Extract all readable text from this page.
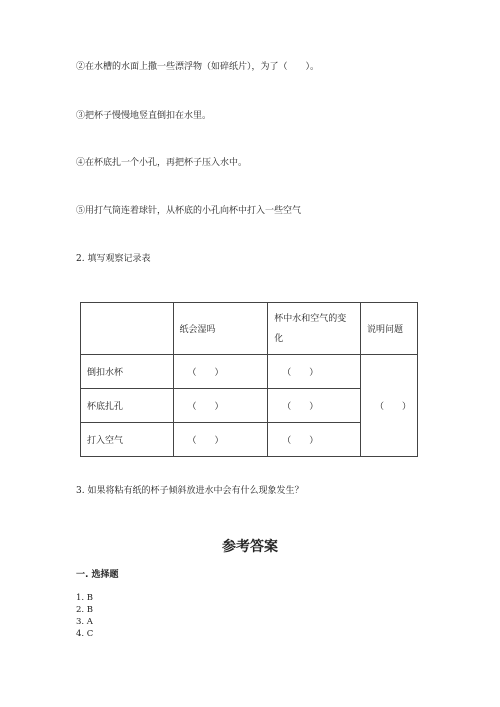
②在水槽的水面上撒一些漂浮物（如碎纸片），为了（　　）。
③把杯子慢慢地竖直倒扣在水里。
④在杯底扎一个小孔，再把杯子压入水中。
⑤用打气筒连着球针，从杯底的小孔向杯中打入一些空气
2. 填写观察记录表
	纸会湿吗	杯中水和空气的变化	说明问题
倒扣水杯	（　　）	（　　）	（　　）
杯底扎孔	（　　）	（　　）	
打入空气	（　　）	（　　）	
3. 如果将粘有纸的杯子倾斜放进水中会有什么现象发生？
参考答案
一. 选择题
1. B
2. B
3. A
4. C
